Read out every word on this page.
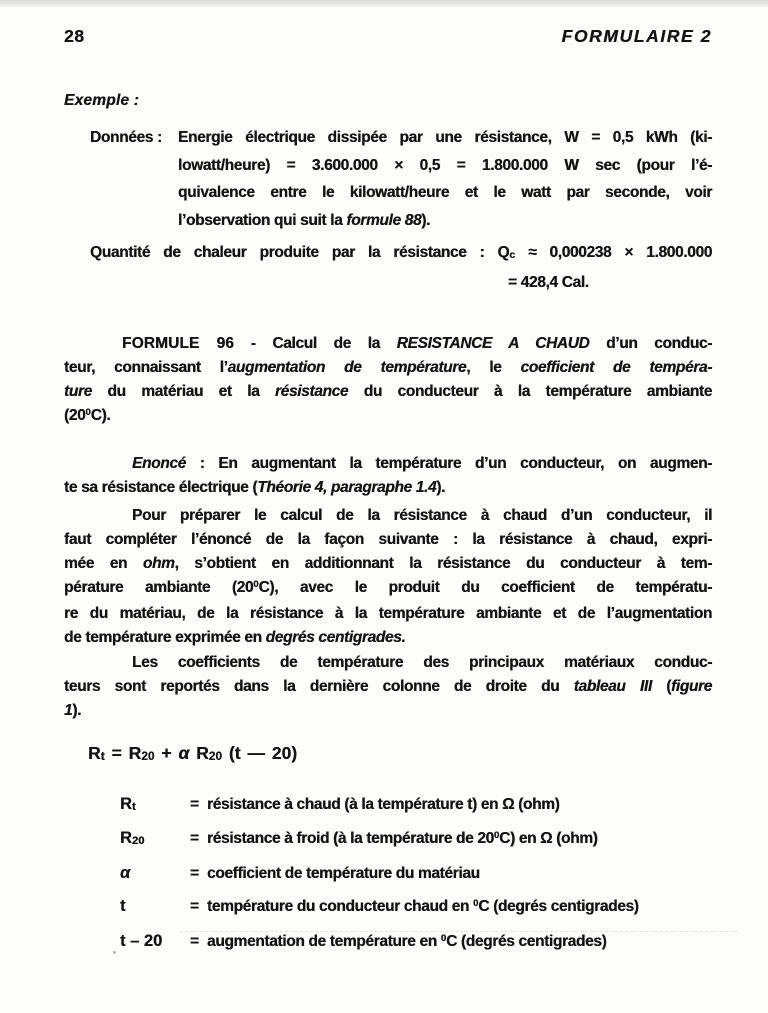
28	FORMULAIRE 2
Exemple :
Données :	Energie électrique dissipée par une résistance, W = 0,5 kWh (ki-
lowatt/heure) = 3.600.000 × 0,5 = 1.800.000 W sec (pour l’é-
quivalence entre le kilowatt/heure et le watt par seconde, voir
l’observation qui suit la formule 88).
Quantité de chaleur produite par la résistance : Qc ≈ 0,000238 × 1.800.000
= 428,4 Cal.
FORMULE 96 - Calcul de la RESISTANCE A CHAUD d’un conduc-
teur, connaissant l’augmentation de température, le coefficient de tempéra-
ture du matériau et la résistance du conducteur à la température ambiante
$(20^0C)$.
Enoncé : En augmentant la température d’un conducteur, on augmen-
te sa résistance électrique (Théorie 4, paragraphe 1.4).
Pour préparer le calcul de la résistance à chaud d’un conducteur, il
faut compléter l’énoncé de la façon suivante : la résistance à chaud, expri-
mée en ohm, s’obtient en additionnant la résistance du conducteur à tem-
pérature ambiante $(20^0C)$, avec le produit du coefficient de températu-
re du matériau, de la résistance à la température ambiante et de l’augmentation
de température exprimée en degrés centigrades.
Les coefficients de température des principaux matériaux conduc-
teurs sont reportés dans la dernière colonne de droite du tableau III (figure
1).
Rt = R20 + α R20 (t — 20)
Rt	= résistance à chaud (à la température t) en Ω (ohm)
R20	= résistance à froid (à la température de $20^0C$) en Ω (ohm)
α	= coefficient de température du matériau
t	= température du conducteur chaud en $^0$C (degrés centigrades)
t – 20	= augmentation de température en $^0$C (degrés centigrades)
